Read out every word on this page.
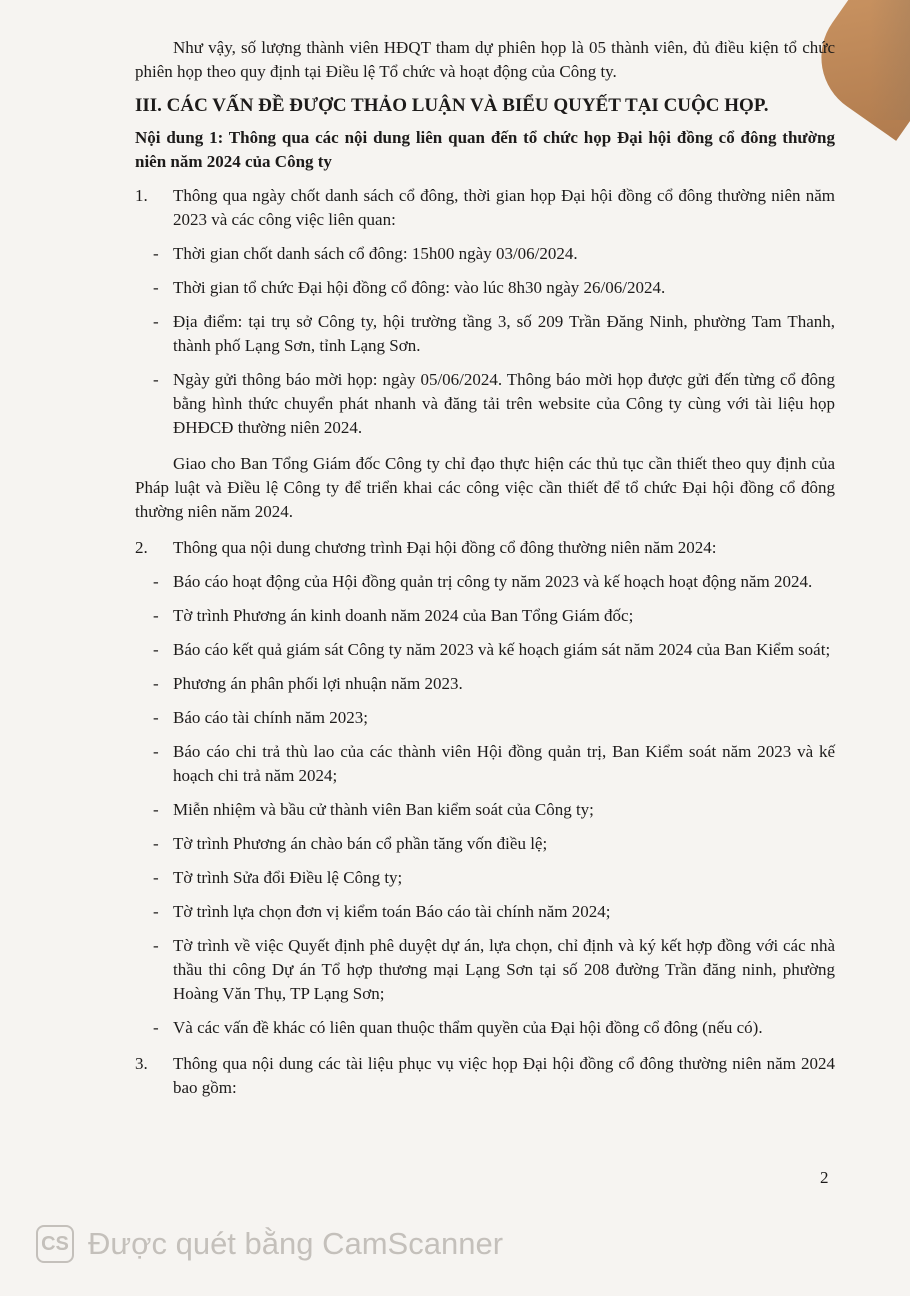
Như vậy, số lượng thành viên HĐQT tham dự phiên họp là 05 thành viên, đủ điều kiện tổ chức phiên họp theo quy định tại Điều lệ Tổ chức và hoạt động của Công ty.

III. CÁC VẤN ĐỀ ĐƯỢC THẢO LUẬN VÀ BIỂU QUYẾT TẠI CUỘC HỌP.

Nội dung 1: Thông qua các nội dung liên quan đến tổ chức họp Đại hội đồng cổ đông thường niên năm 2024 của Công ty

1.	Thông qua ngày chốt danh sách cổ đông, thời gian họp Đại hội đồng cổ đông thường niên năm 2023 và các công việc liên quan:
- Thời gian chốt danh sách cổ đông: 15h00 ngày 03/06/2024.
- Thời gian tổ chức Đại hội đồng cổ đông: vào lúc 8h30 ngày 26/06/2024.
- Địa điểm: tại trụ sở Công ty, hội trường tầng 3, số 209 Trần Đăng Ninh, phường Tam Thanh, thành phố Lạng Sơn, tỉnh Lạng Sơn.
- Ngày gửi thông báo mời họp: ngày 05/06/2024. Thông báo mời họp được gửi đến từng cổ đông bằng hình thức chuyển phát nhanh và đăng tải trên website của Công ty cùng với tài liệu họp ĐHĐCĐ thường niên 2024.

Giao cho Ban Tổng Giám đốc Công ty chỉ đạo thực hiện các thủ tục cần thiết theo quy định của Pháp luật và Điều lệ Công ty để triển khai các công việc cần thiết để tổ chức Đại hội đồng cổ đông thường niên năm 2024.

2.	Thông qua nội dung chương trình Đại hội đồng cổ đông thường niên năm 2024:
- Báo cáo hoạt động của Hội đồng quản trị công ty năm 2023 và kế hoạch hoạt động năm 2024.
- Tờ trình Phương án kinh doanh năm 2024 của Ban Tổng Giám đốc;
- Báo cáo kết quả giám sát Công ty năm 2023 và kế hoạch giám sát năm 2024 của Ban Kiểm soát;
- Phương án phân phối lợi nhuận năm 2023.
- Báo cáo tài chính năm 2023;
- Báo cáo chi trả thù lao của các thành viên Hội đồng quản trị, Ban Kiểm soát năm 2023 và kế hoạch chi trả năm 2024;
- Miễn nhiệm và bầu cử thành viên Ban kiểm soát của Công ty;
- Tờ trình Phương án chào bán cổ phần tăng vốn điều lệ;
- Tờ trình Sửa đổi Điều lệ Công ty;
- Tờ trình lựa chọn đơn vị kiểm toán Báo cáo tài chính năm 2024;
- Tờ trình về việc Quyết định phê duyệt dự án, lựa chọn, chỉ định và ký kết hợp đồng với các nhà thầu thi công Dự án Tổ hợp thương mại Lạng Sơn tại số 208 đường Trần đăng ninh, phường Hoàng Văn Thụ, TP Lạng Sơn;
- Và các vấn đề khác có liên quan thuộc thẩm quyền của Đại hội đồng cổ đông (nếu có).
3.	Thông qua nội dung các tài liệu phục vụ việc họp Đại hội đồng cổ đông thường niên năm 2024 bao gồm:
2
CS Được quét bằng CamScanner
